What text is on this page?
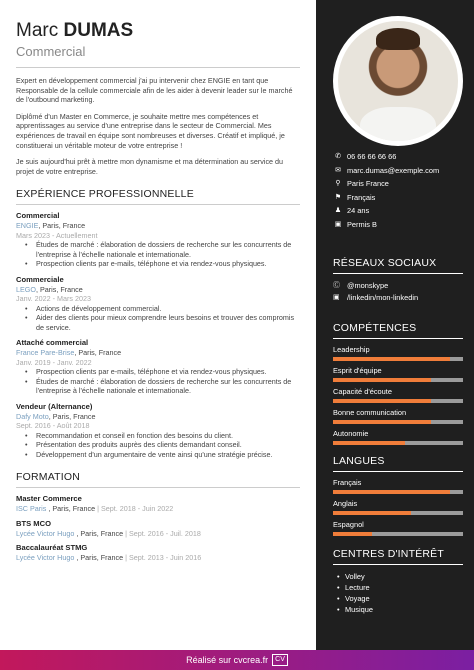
Marc DUMAS
Commercial

Expert en développement commercial j'ai pu intervenir chez ENGIE en tant que Responsable de la cellule commerciale afin de les aider à devenir leader sur le marché de l'outbound marketing.

Diplômé d'un Master en Commerce, je souhaite mettre mes compétences et apprentissages au service d'une entreprise dans le secteur de Commercial. Mes expériences de travail en équipe sont nombreuses et diverses. Créatif et impliqué, je constituerai un véritable moteur de votre entreprise !

Je suis aujourd'hui prêt à mettre mon dynamisme et ma détermination au service du projet de votre entreprise.

EXPÉRIENCE PROFESSIONNELLE
Commercial
ENGIE, Paris, France
Mars 2023 - Actuellement
• Études de marché : élaboration de dossiers de recherche sur les concurrents de l'entreprise à l'échelle nationale et internationale.
• Prospection clients par e-mails, téléphone et via rendez-vous physiques.
Commerciale
LEGO, Paris, France
Janv. 2022 - Mars 2023
• Actions de développement commercial.
• Aider des clients pour mieux comprendre leurs besoins et trouver des compromis de service.
Attaché commercial
France Pare-Brise, Paris, France
Janv. 2019 - Janv. 2022
• Prospection clients par e-mails, téléphone et via rendez-vous physiques.
• Études de marché : élaboration de dossiers de recherche sur les concurrents de l'entreprise à l'échelle nationale et internationale.
Vendeur (Alternance)
Dafy Moto, Paris, France
Sept. 2016 - Août 2018
• Recommandation et conseil en fonction des besoins du client.
• Présentation des produits auprès des clients demandant conseil.
• Développement d'un argumentaire de vente ainsi qu'une stratégie précise.
FORMATION
Master Commerce
ISC Paris , Paris, France | Sept. 2018 - Juin 2022
BTS MCO
Lycée Victor Hugo , Paris, France | Sept. 2016 - Juil. 2018
Baccalauréat STMG
Lycée Victor Hugo , Paris, France | Sept. 2013 - Juin 2016
✆ 06 66 66 66 66
✉ marc.dumas@exemple.com
⚲ Paris France
⚑ Français
♟ 24 ans
▣ Permis B
RÉSEAUX SOCIAUX
Ⓒ @monskype
▣ /linkedin/mon-linkedin
COMPÉTENCES
Leadership
Esprit d'équipe
Capacité d'écoute
Bonne communication
Autonomie
LANGUES
Français
Anglais
Espagnol
CENTRES D'INTÉRÊT
• Volley
• Lecture
• Voyage
• Musique
Réalisé sur cvcrea.fr	CV
